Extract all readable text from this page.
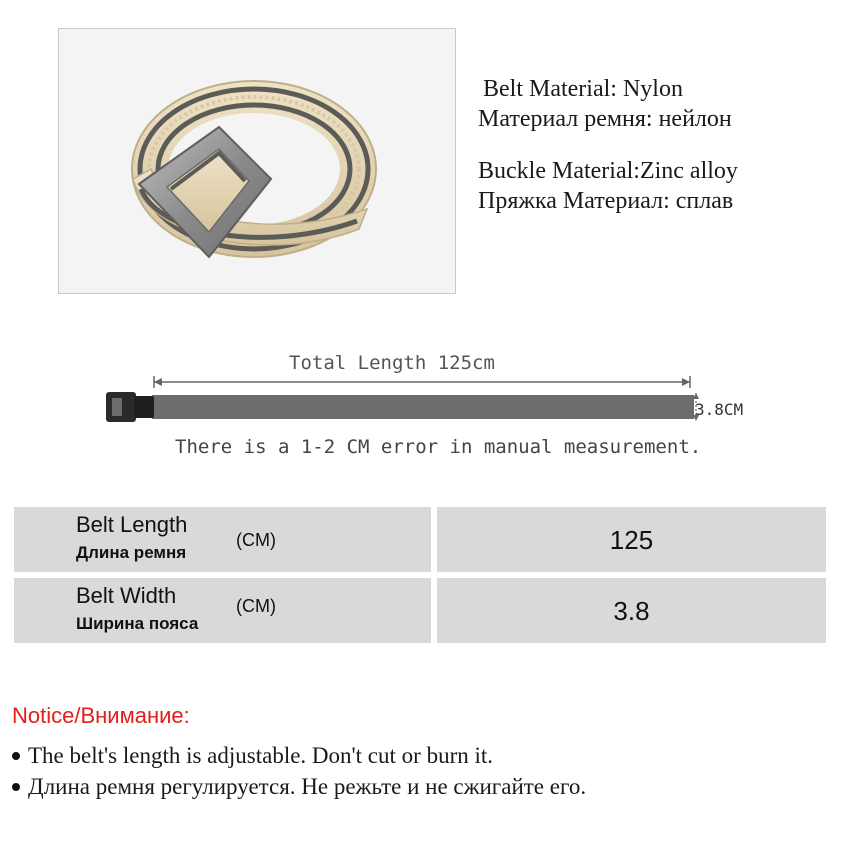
Belt Material: Nylon
Материал ремня: нейлон
Buckle Material:Zinc alloy
Пряжка Материал: сплав
Total Length 125cm
3.8CM
There is a 1-2 CM error in manual measurement.
Belt Length
Длина ремня
(CM)	125
Belt Width
Ширина пояса
(CM)	3.8
Notice/Внимание:
The belt's length is adjustable. Don't cut or burn it.
Длина ремня регулируется. Не режьте и не сжигайте его.
